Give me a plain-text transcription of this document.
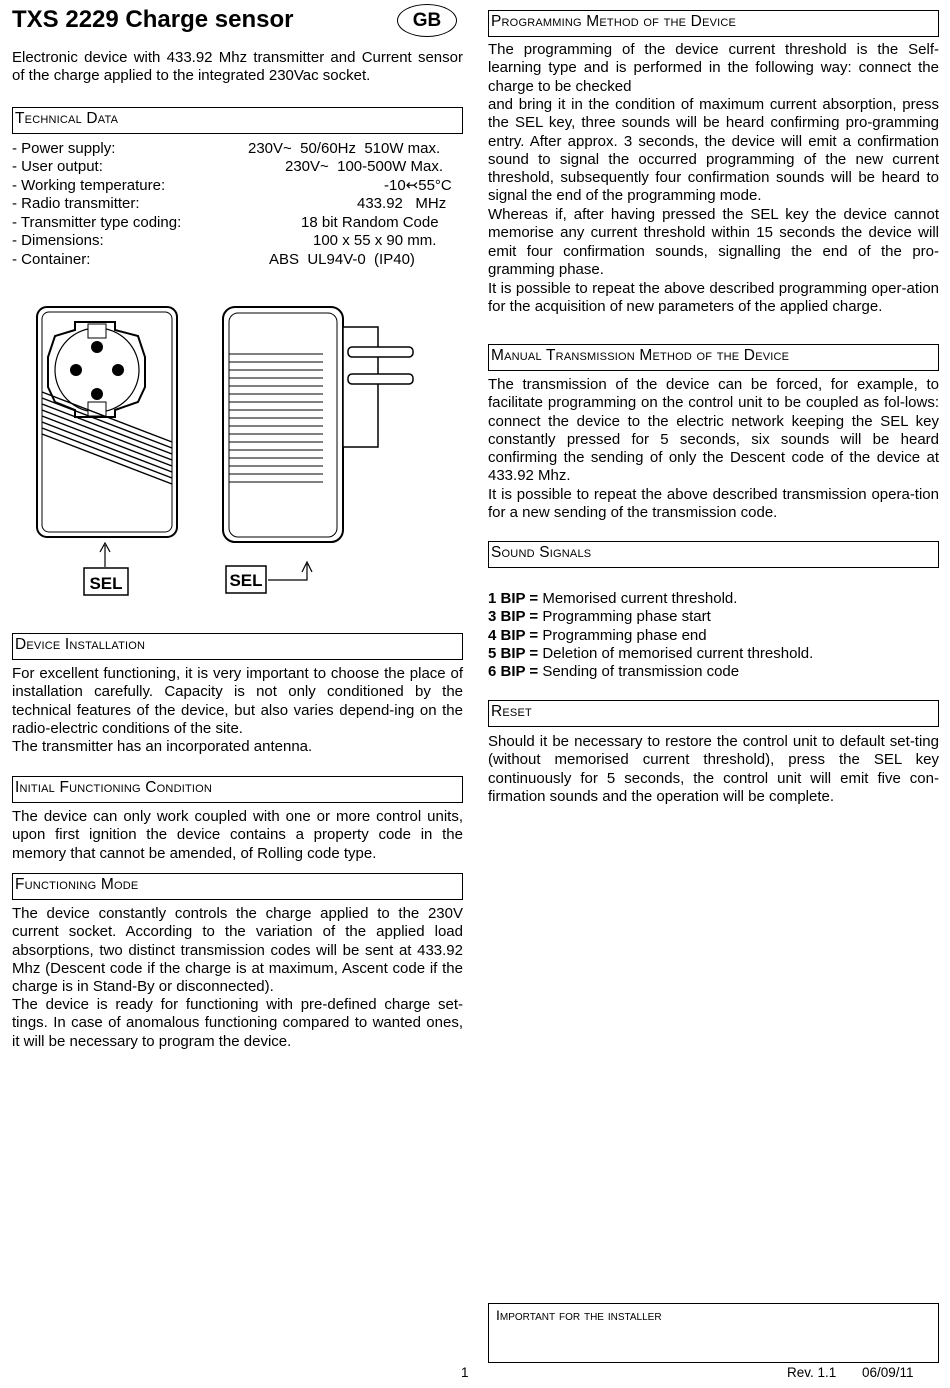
TXS 2229 Charge sensor	GB

Electronic device with 433.92 Mhz transmitter and Current sensor of the charge applied to the integrated 230Vac socket.

Technical Data
- Power supply:	230V~  50/60Hz  510W max.
- User output:	230V~  100-500W Max.
- Working temperature:	-10↢55°C
- Radio transmitter:	433.92   MHz
- Transmitter type coding:	18 bit Random Code
- Dimensions:	100 x 55 x 90 mm.
- Container:	ABS  UL94V-0  (IP40)
SEL	SEL
Device Installation

For excellent functioning, it is very important to choose the place of installation carefully. Capacity is not only conditioned by the technical features of the device, but also varies depend-ing on the radio-electric conditions of the site.

The transmitter has an incorporated antenna.

Initial Functioning Condition

The device can only work coupled with one or more control units, upon first ignition the device contains a property code in the memory that cannot be amended, of Rolling code type.

Functioning Mode

The device constantly controls the charge applied to the 230V current socket. According to the variation of the applied load absorptions, two distinct transmission codes will be sent at 433.92 Mhz (Descent code if the charge is at maximum, Ascent code if the charge is in Stand-By or disconnected).

The device is ready for functioning with pre-defined charge set-tings. In case of anomalous functioning compared to wanted ones, it will be necessary to program the device.

Programming Method of the Device

The programming of the device current threshold is the Self-learning type and is performed in the following way: connect the charge to be checked

and bring it in the condition of maximum current absorption, press the SEL key, three sounds will be heard confirming pro-gramming entry. After approx. 3 seconds, the device will emit a confirmation sound to signal the occurred programming of the new current threshold, subsequently four confirmation sounds will be heard to signal the end of the programming mode.

Whereas if, after having pressed the SEL key the device cannot memorise any current threshold within 15 seconds the device will emit four confirmation sounds, signalling the end of the pro-gramming phase.

It is possible to repeat the above described programming oper-ation for the acquisition of new parameters of the applied charge.

Manual Transmission Method of the Device

The transmission of the device can be forced, for example, to facilitate programming on the control unit to be coupled as fol-lows: connect the device to the electric network keeping the SEL key constantly pressed for 5 seconds, six sounds will be heard confirming the sending of only the Descent code of the device at 433.92 Mhz.

It is possible to repeat the above described transmission opera-tion for a new sending of the transmission code.

Sound Signals
1 BIP = Memorised current threshold.
3 BIP = Programming phase start
4 BIP = Programming phase end
5 BIP = Deletion of memorised current threshold.
6 BIP = Sending of transmission code
Reset

Should it be necessary to restore the control unit to default set-ting (without memorised current threshold), press the SEL key continuously for 5 seconds, the control unit will emit five con-firmation sounds and the operation will be complete.

Important for the installer
1	Rev. 1.1 06/09/11
